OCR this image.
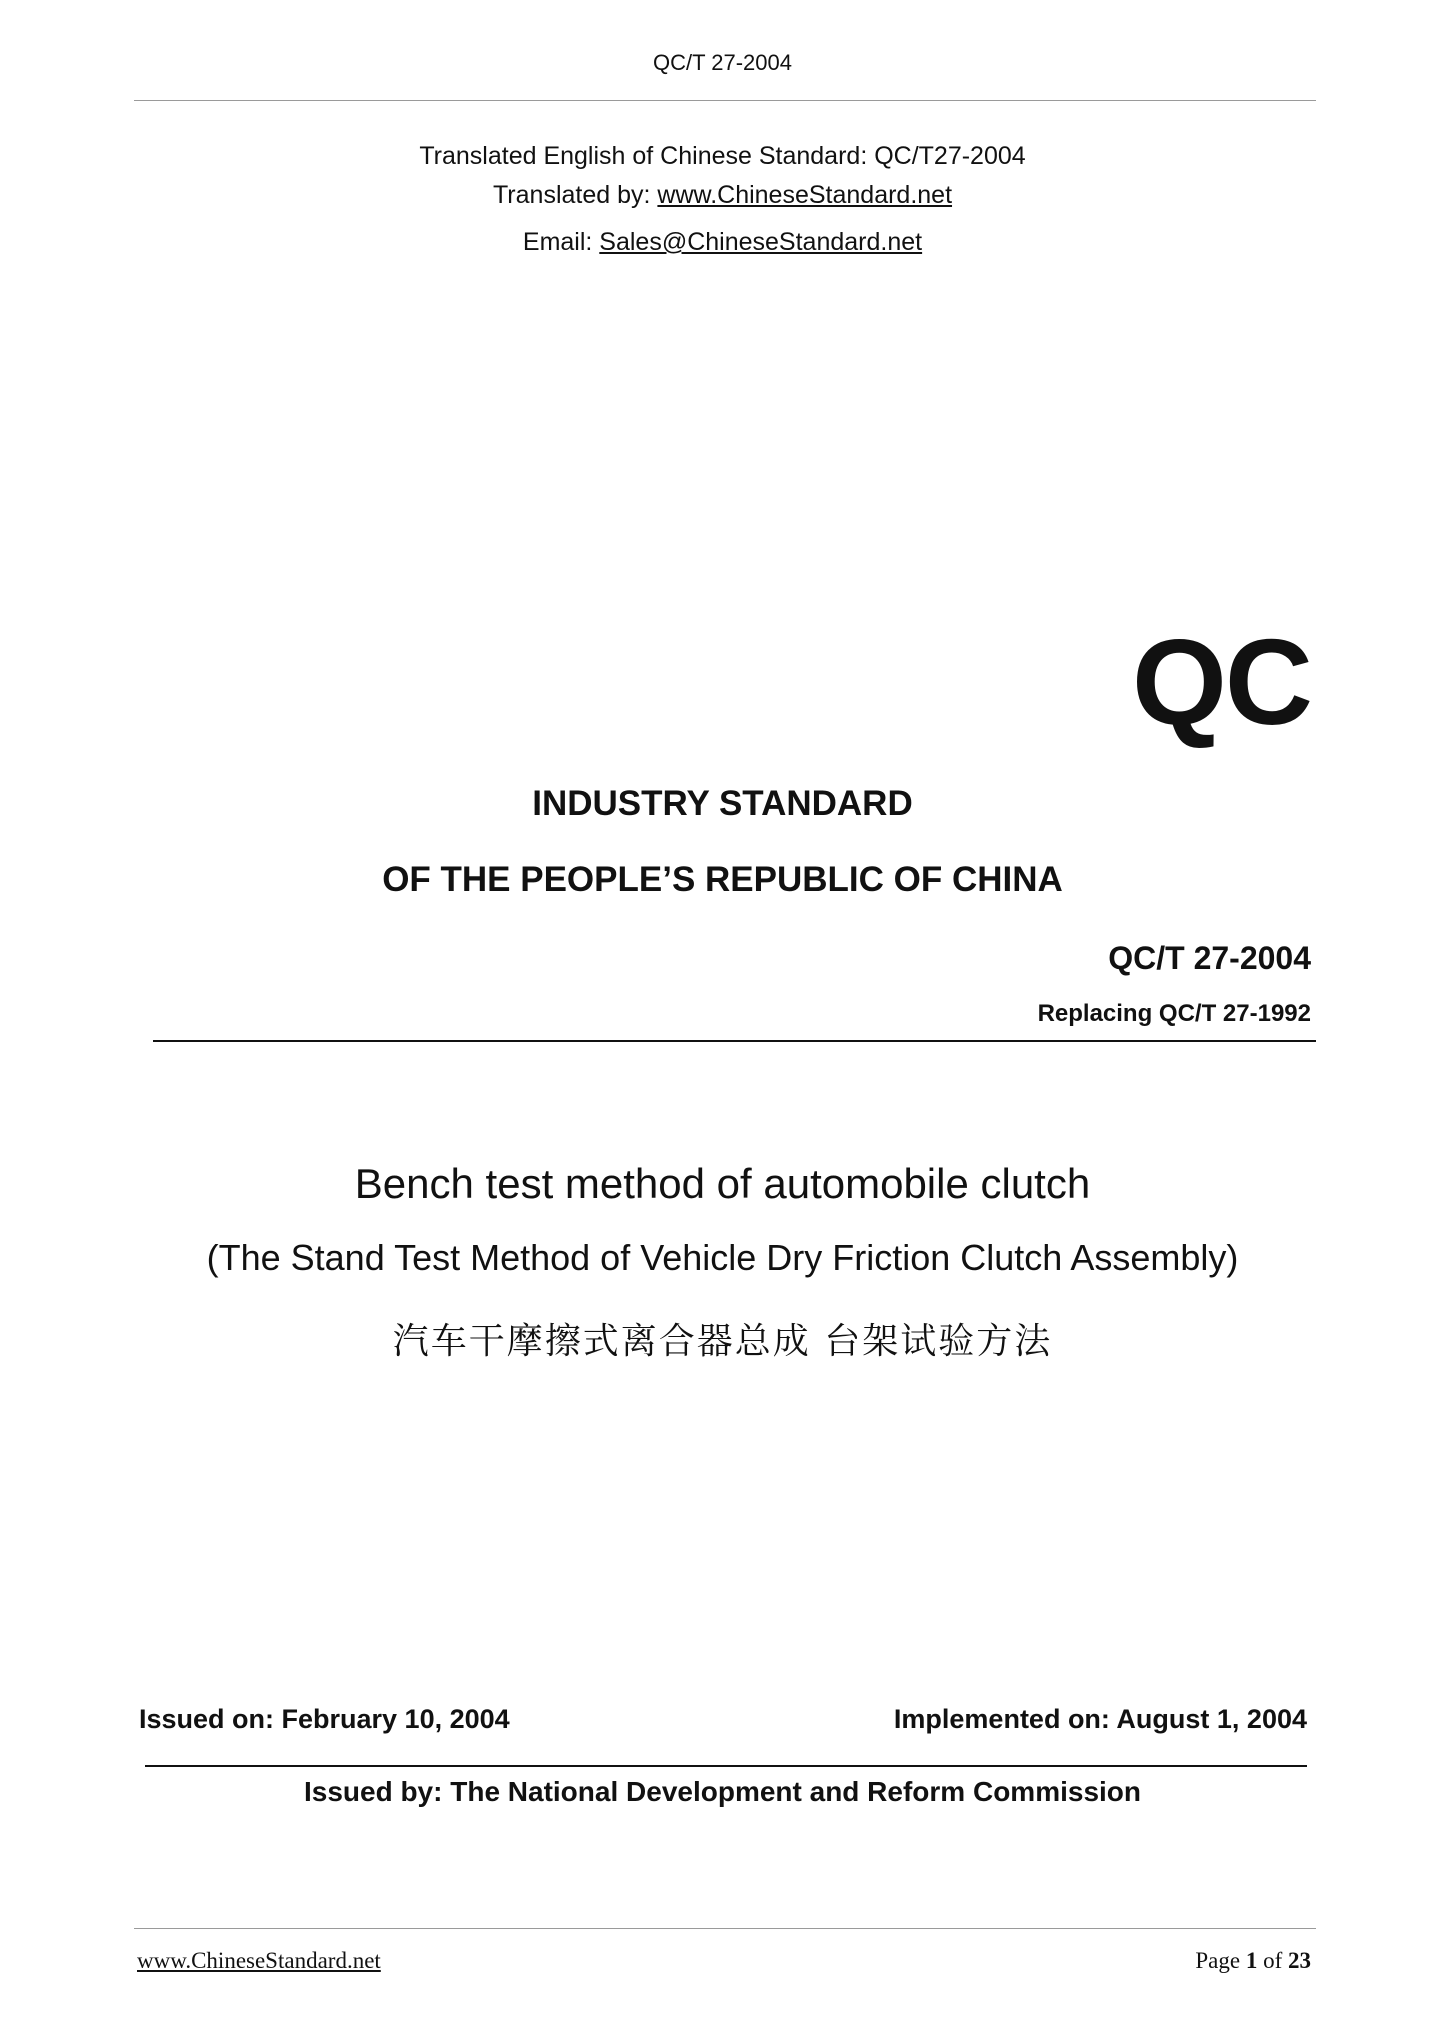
QC/T 27-2004
Translated English of Chinese Standard: QC/T27-2004
Translated by: www.ChineseStandard.net
Email: Sales@ChineseStandard.net
QC
INDUSTRY STANDARD
OF THE PEOPLE’S REPUBLIC OF CHINA
QC/T 27-2004
Replacing QC/T 27-1992
Bench test method of automobile clutch
(The Stand Test Method of Vehicle Dry Friction Clutch Assembly)
汽车干摩擦式离合器总成 台架试验方法
Issued on: February 10, 2004	Implemented on: August 1, 2004
Issued by: The National Development and Reform Commission
www.ChineseStandard.net	Page 1 of 23
